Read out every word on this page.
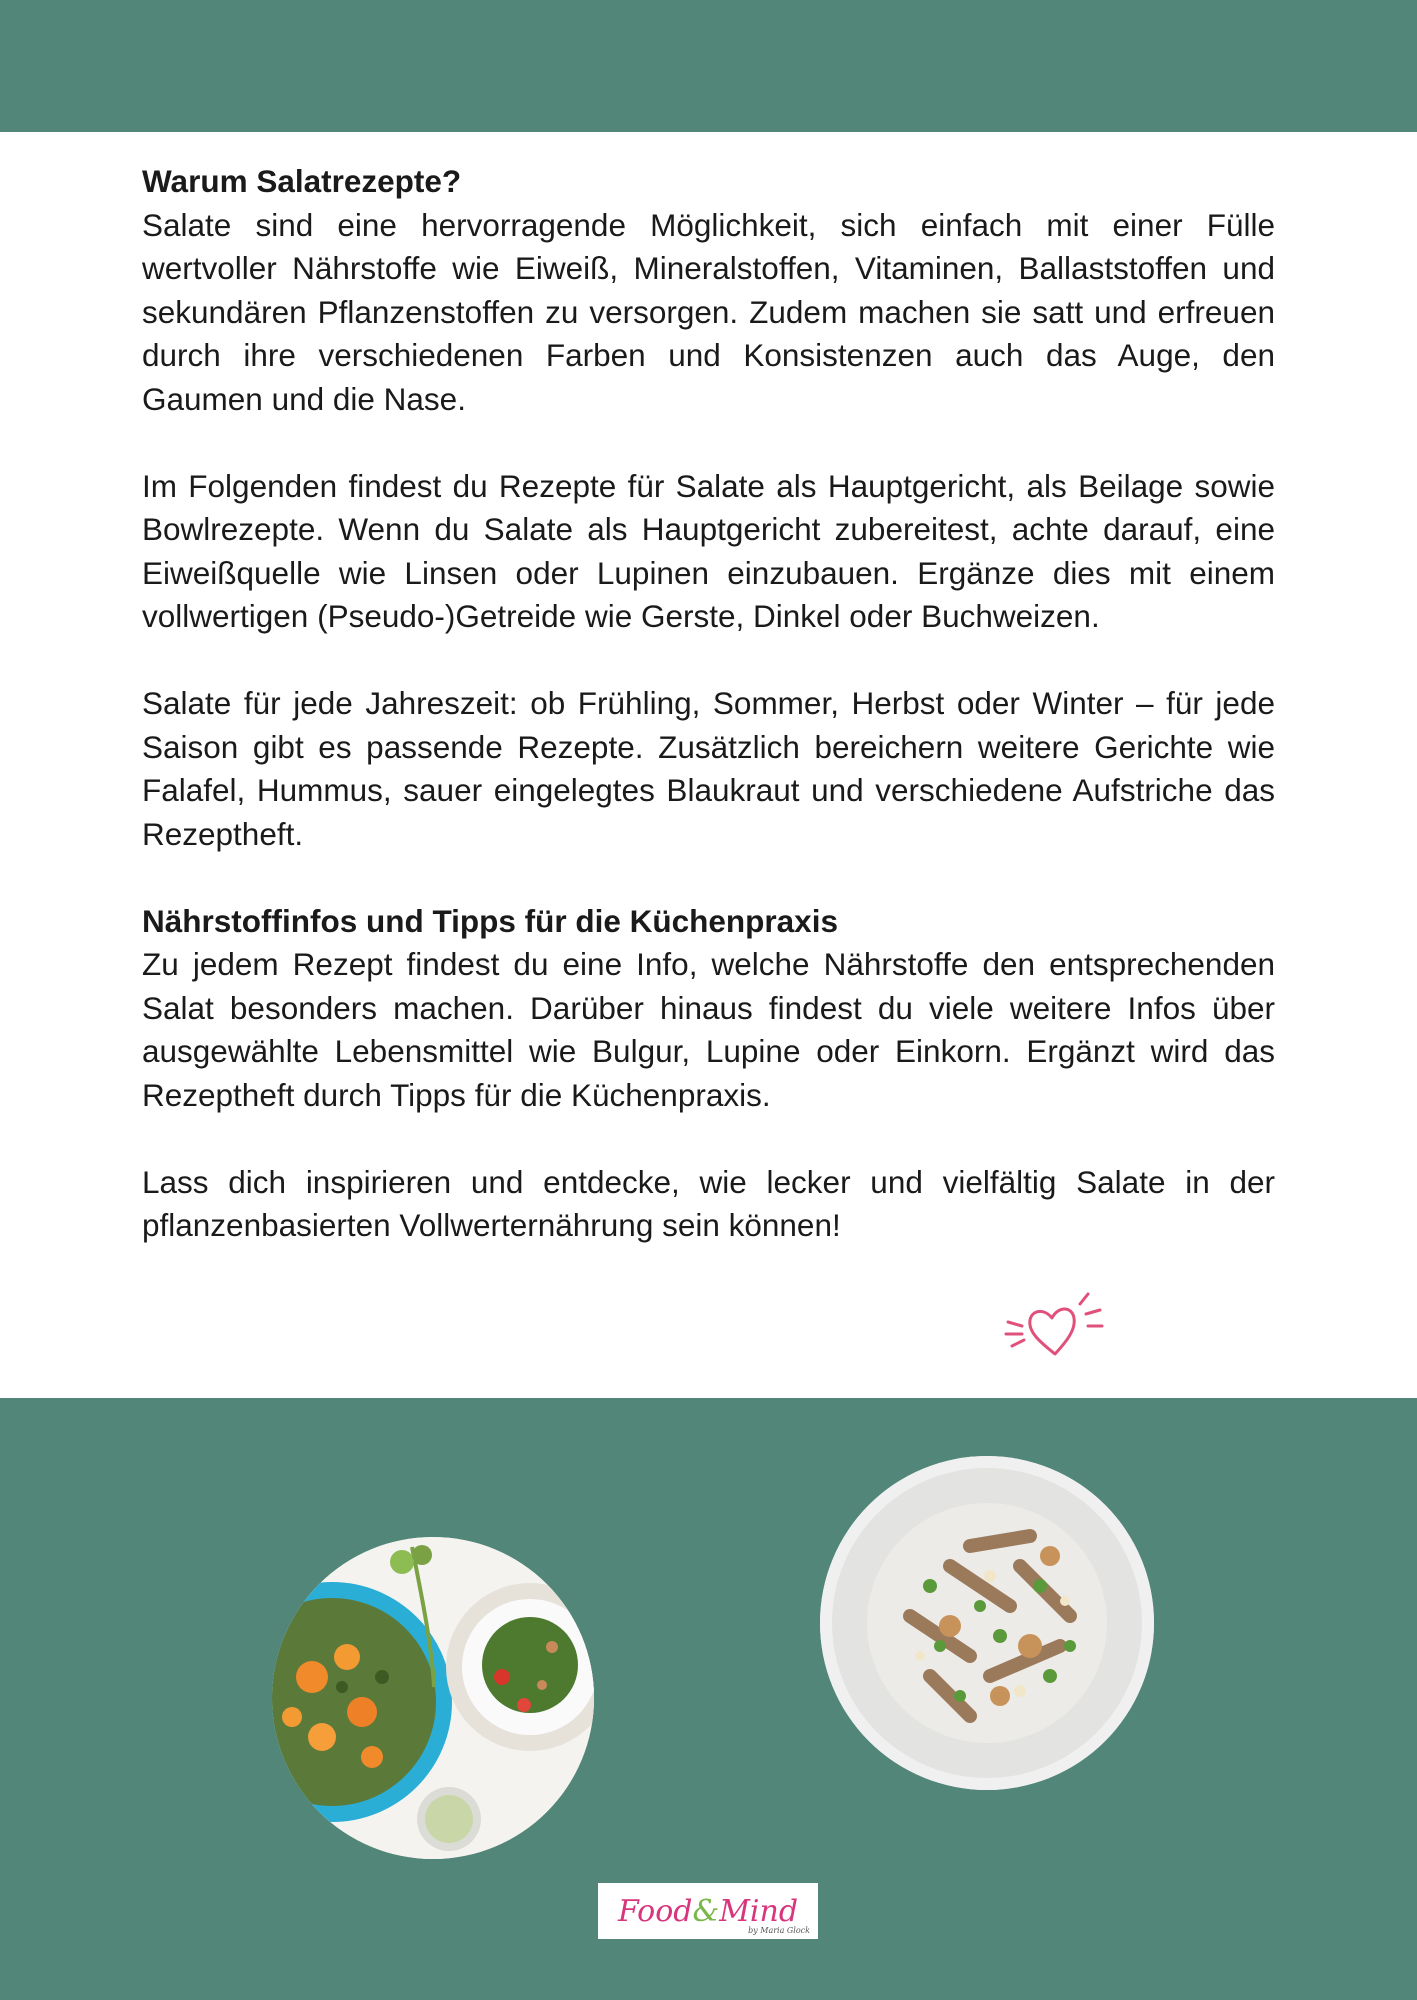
Warum Salatrezepte?

Salate sind eine hervorragende Möglichkeit, sich einfach mit einer Fülle wertvoller Nährstoffe wie Eiweiß, Mineralstoffen, Vitaminen, Ballaststoffen und sekundären Pflanzenstoffen zu versorgen. Zudem machen sie satt und erfreuen durch ihre verschiedenen Farben und Konsistenzen auch das Auge, den Gaumen und die Nase.

Im Folgenden findest du Rezepte für Salate als Hauptgericht, als Beilage sowie Bowlrezepte. Wenn du Salate als Hauptgericht zubereitest, achte darauf, eine Eiweißquelle wie Linsen oder Lupinen einzubauen. Ergänze dies mit einem vollwertigen (Pseudo-)Getreide wie Gerste, Dinkel oder Buchweizen.

Salate für jede Jahreszeit: ob Frühling, Sommer, Herbst oder Winter – für jede Saison gibt es passende Rezepte. Zusätzlich bereichern weitere Gerichte wie Falafel, Hummus, sauer eingelegtes Blaukraut und verschiedene Aufstriche das Rezeptheft.

Nährstoffinfos und Tipps für die Küchenpraxis

Zu jedem Rezept findest du eine Info, welche Nährstoffe den entsprechenden Salat besonders machen. Darüber hinaus findest du viele weitere Infos über ausgewählte Lebensmittel wie Bulgur, Lupine oder Einkorn. Ergänzt wird das Rezeptheft durch Tipps für die Küchenpraxis.

Lass dich inspirieren und entdecke, wie lecker und vielfältig Salate in der pflanzenbasierten Vollwerternährung sein können!

Food & Mind
by Maria Glock
